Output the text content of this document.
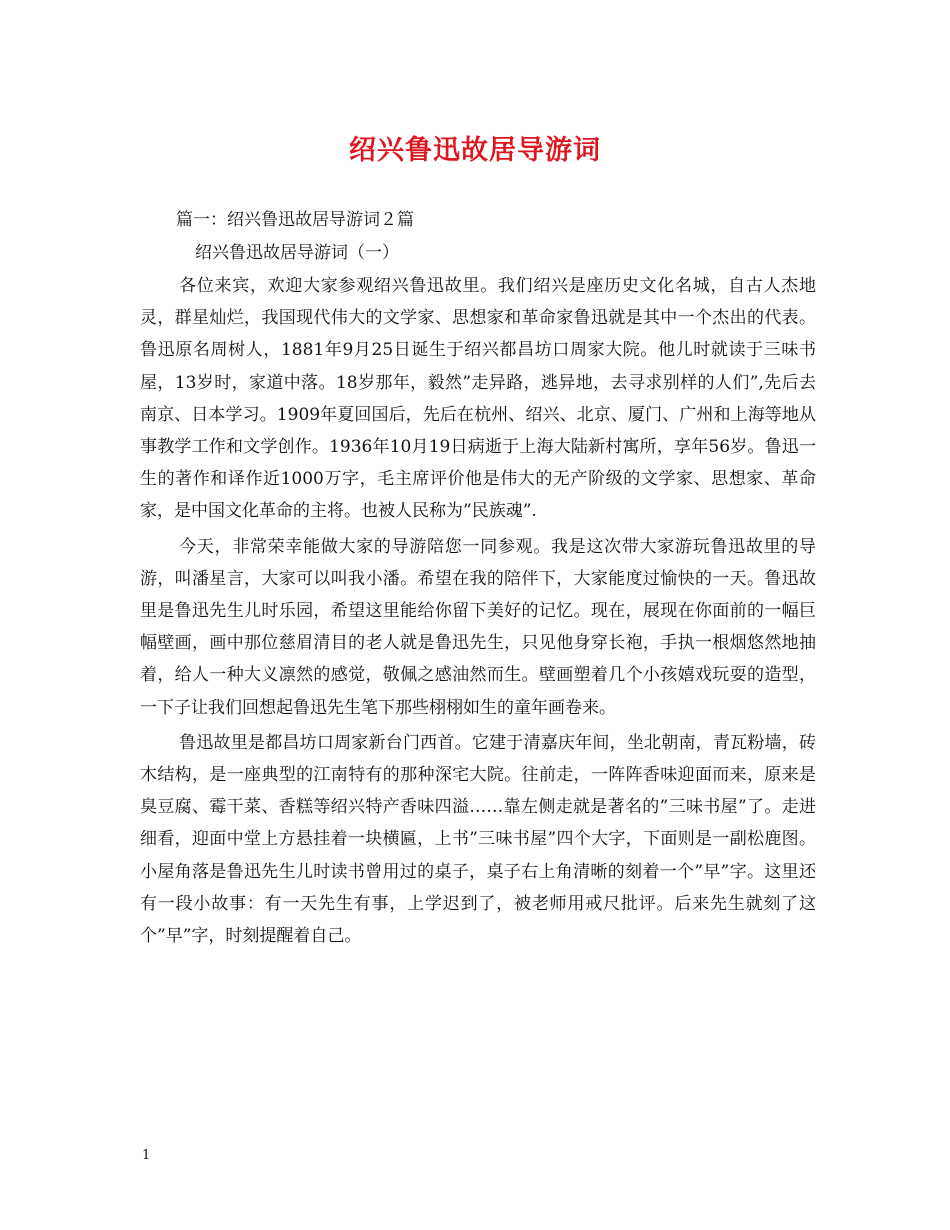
绍兴鲁迅故居导游词
篇一：绍兴鲁迅故居导游词２篇
绍兴鲁迅故居导游词（一）

各位来宾，欢迎大家参观绍兴鲁迅故里。我们绍兴是座历史文化名城，自古人杰地灵，群星灿烂，我国现代伟大的文学家、思想家和革命家鲁迅就是其中一个杰出的代表。鲁迅原名周树人，1881年9月25日诞生于绍兴都昌坊口周家大院。他儿时就读于三味书屋，13岁时，家道中落。18岁那年，毅然”走异路，逃异地，去寻求别样的人们”,先后去南京、日本学习。1909年夏回国后，先后在杭州、绍兴、北京、厦门、广州和上海等地从事教学工作和文学创作。1936年10月19日病逝于上海大陆新村寓所，享年56岁。鲁迅一生的著作和译作近1000万字，毛主席评价他是伟大的无产阶级的文学家、思想家、革命家，是中国文化革命的主将。也被人民称为”民族魂”.

今天，非常荣幸能做大家的导游陪您一同参观。我是这次带大家游玩鲁迅故里的导游，叫潘星言，大家可以叫我小潘。希望在我的陪伴下，大家能度过愉快的一天。鲁迅故里是鲁迅先生儿时乐园，希望这里能给你留下美好的记忆。现在，展现在你面前的一幅巨幅壁画，画中那位慈眉清目的老人就是鲁迅先生，只见他身穿长袍，手执一根烟悠然地抽着，给人一种大义凛然的感觉，敬佩之感油然而生。壁画塑着几个小孩嬉戏玩耍的造型，一下子让我们回想起鲁迅先生笔下那些栩栩如生的童年画卷来。

鲁迅故里是都昌坊口周家新台门西首。它建于清嘉庆年间，坐北朝南，青瓦粉墙，砖木结构，是一座典型的江南特有的那种深宅大院。往前走，一阵阵香味迎面而来，原来是臭豆腐、霉干菜、香糕等绍兴特产香味四溢……靠左侧走就是著名的”三味书屋”了。走进细看，迎面中堂上方悬挂着一块横匾，上书”三味书屋”四个大字，下面则是一副松鹿图。小屋角落是鲁迅先生儿时读书曾用过的桌子，桌子右上角清晰的刻着一个”早”字。这里还有一段小故事：有一天先生有事，上学迟到了，被老师用戒尺批评。后来先生就刻了这个”早”字，时刻提醒着自己。

1
